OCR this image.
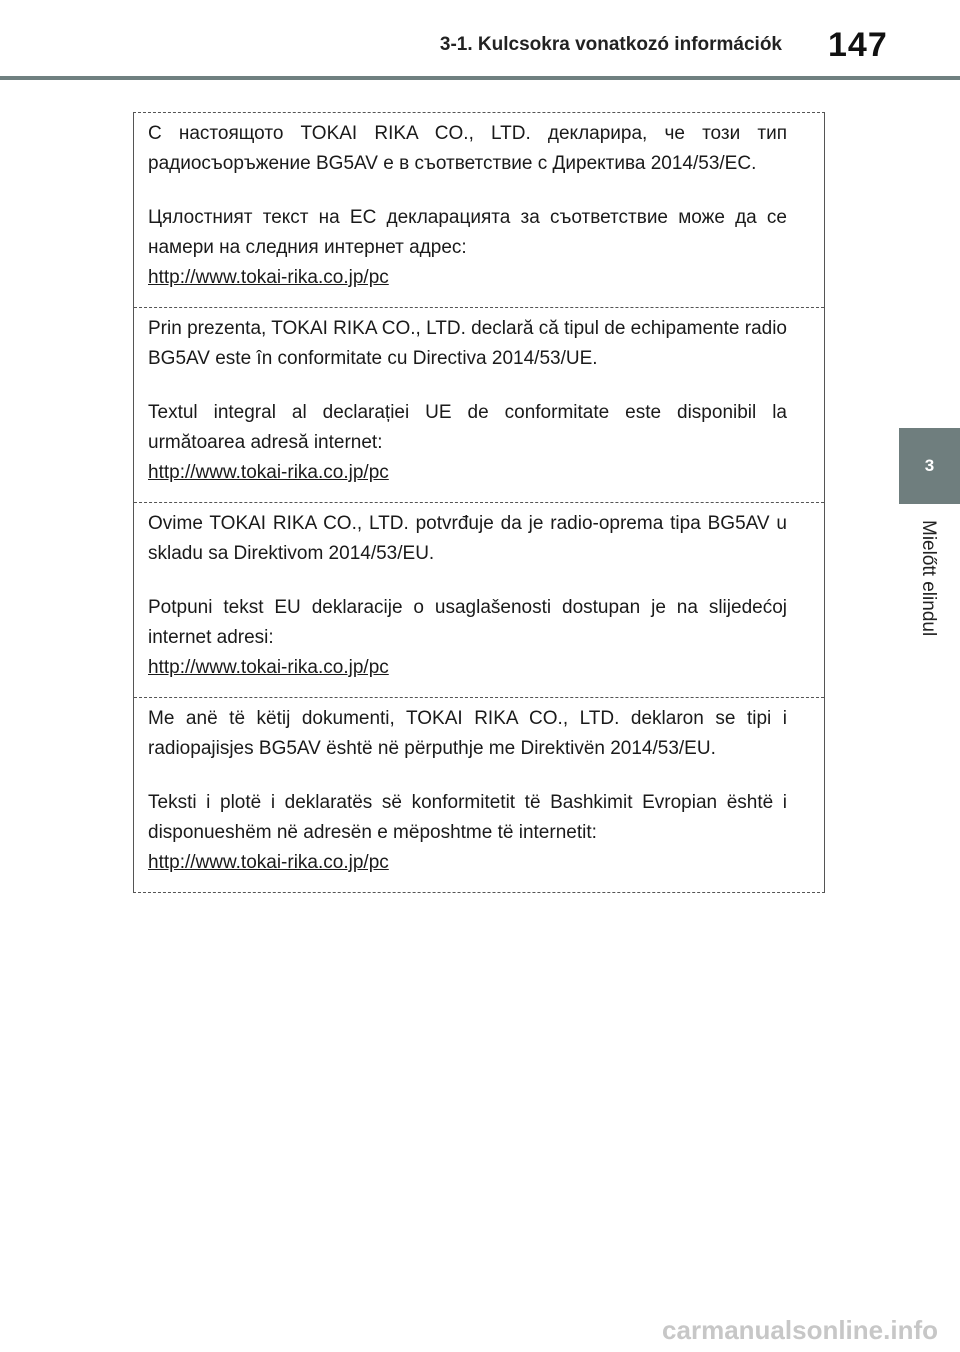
3-1. Kulcsokra vonatkozó információk 147
3
Mielőtt elindul

С настоящото TOKAI RIKA CO., LTD. декларира, че този тип радиосъоръжение BG5AV е в съответствие с Директива 2014/53/ЕС.

Цялостният текст на ЕС декларацията за съответствие може да се намери на следния интернет адрес:

http://www.tokai-rika.co.jp/pc

Prin prezenta, TOKAI RIKA CO., LTD. declară că tipul de echipamente radio BG5AV este în conformitate cu Directiva 2014/53/UE.

Textul integral al declarației UE de conformitate este disponibil la următoarea adresă internet:

http://www.tokai-rika.co.jp/pc

Ovime TOKAI RIKA CO., LTD. potvrđuje da je radio-oprema tipa BG5AV u skladu sa Direktivom 2014/53/EU.

Potpuni tekst EU deklaracije o usaglašenosti dostupan je na slijedećoj internet adresi:

http://www.tokai-rika.co.jp/pc

Me anë të këtij dokumenti, TOKAI RIKA CO., LTD. deklaron se tipi i radiopajisjes BG5AV është në përputhje me Direktivën 2014/53/EU.

Teksti i plotë i deklaratës së konformitetit të Bashkimit Evropian është i disponueshëm në adresën e mëposhtme të internetit:

http://www.tokai-rika.co.jp/pc

carmanualsonline.info
